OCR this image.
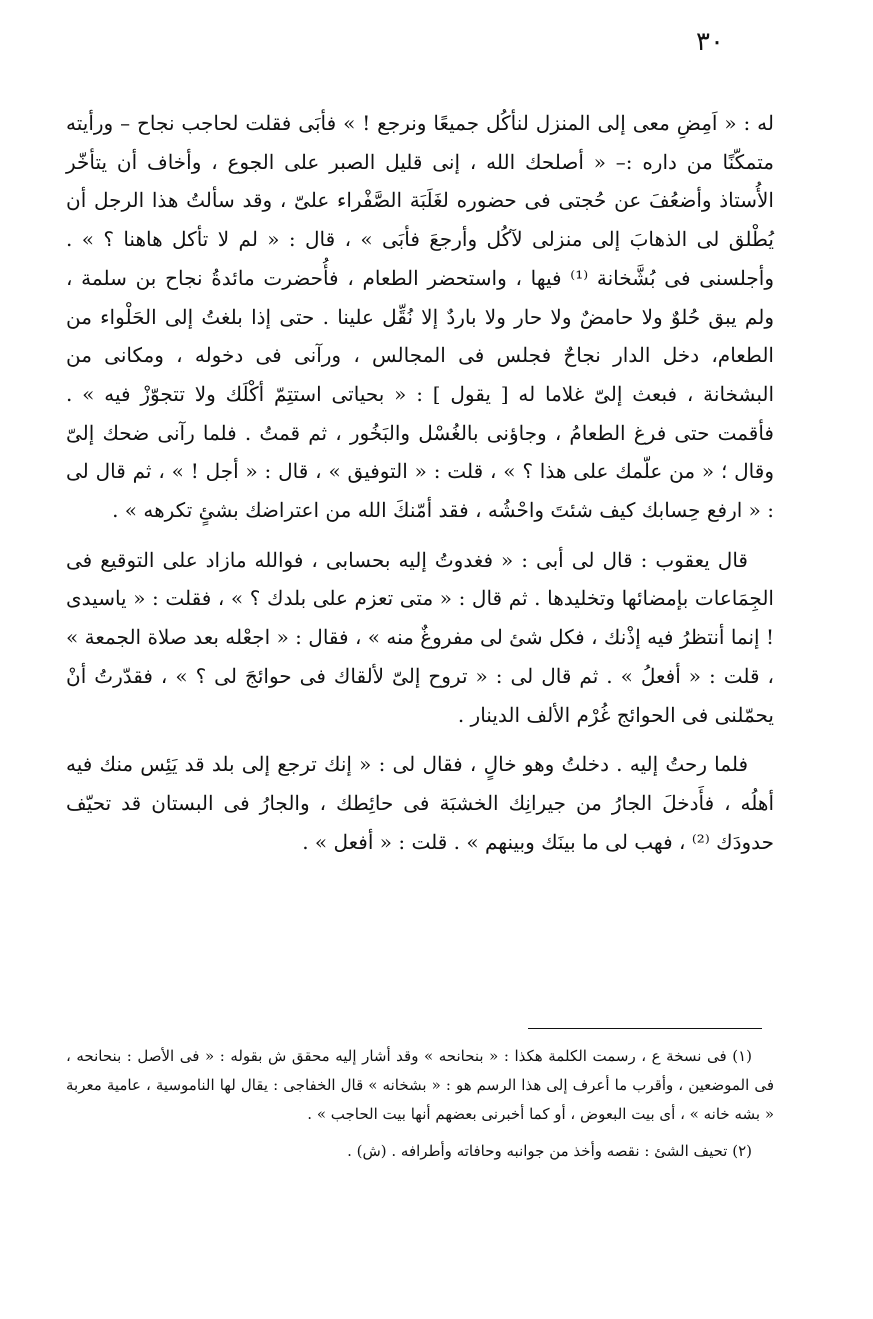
٣٠

له : « اَمِضِ معى إلى المنزل لنأكُل جميعًا ونرجع ! » فأبَى فقلت لحاجب نجاح – ورأيته متمكّنًا من داره :– « أصلحك الله ، إنى قليل الصبر على الجوع ، وأخاف أن يتأخّر الأُستاذ وأضعُفَ عن حُجتى فى حضوره لغَلَبَة الصَّفْراء علىّ ، وقد سألتُ هذا الرجل أن يُطْلق لى الذهابَ إلى منزلى لآكُل وأرجعَ فأبَى » ، قال : « لم لا تأكل هاهنا ؟ » . وأجلسنى فى بُشَّخانة ⁽¹⁾ فيها ، واستحضر الطعام ، فأُحضرت مائدةُ نجاح بن سلمة ، ولم يبق حُلوٌ ولا حامضٌ ولا حار ولا باردٌ إلا نُقِّل علينا . حتى إذا بلغتُ إلى الحَلْواء من الطعام، دخل الدار نجاحٌ فجلس فى المجالس ، ورآنى فى دخوله ، ومكانى من البشخانة ، فبعث إلىّ غلاما له [ يقول ] : « بحياتى استتِمّ أكْلَك ولا تتجوّزْ فيه » . فأقمت حتى فرغ الطعامُ ، وجاؤنى بالغُسْل والبَخُور ، ثم قمتُ . فلما رآنى ضحك إلىّ وقال ؛ « من علّمك على هذا ؟ » ، قلت : « التوفيق » ، قال : « أجل ! » ، ثم قال لى : « ارفع حِسابك كيف شئتَ واحْشُه ، فقد أمّنكَ الله من اعتراضك بشئٍ تكرهه » .

قال يعقوب : قال لى أبى : « فغدوتُ إليه بحسابى ، فوالله مازاد على التوقيع فى الجِمَاعات بإمضائها وتخليدها . ثم قال : « متى تعزم على بلدك ؟ » ، فقلت : « ياسيدى ! إنما أنتظرُ فيه إذْنك ، فكل شئ لى مفروغٌ منه » ، فقال : « اجعْله بعد صلاة الجمعة » ، قلت : « أفعلُ » . ثم قال لى : « تروح إلىّ لألقاك فى حوائجَ لى ؟ » ، فقدّرتُ أنْ يحمّلنى فى الحوائج غُرْم الألف الدينار .

فلما رحتُ إليه . دخلتُ وهو خالٍ ، فقال لى : « إنك ترجع إلى بلد قد يَئِس منك فيه أهلُه ، فأَدخلَ الجارُ من جيرانِك الخشبَة فى حائِطك ، والجارُ فى البستان قد تحيّف حدودَك ⁽²⁾ ، فهب لى ما بينَك وبينهم » . قلت : « أفعل » .

(١) فى نسخة ع ، رسمت الكلمة هكذا : « بنحانحه » وقد أشار إليه محقق ش بقوله : « فى الأصل : بنحانحه ، فى الموضعين ، وأقرب ما أعرف إلى هذا الرسم هو : « بشخانه » قال الخفاجى : يقال لها الناموسية ، عامية معربة « بشه خانه » ، أى بيت البعوض ، أو كما أخبرنى بعضهم أنها بيت الحاجب » .

(٢) تحيف الشئ : نقصه وأخذ من جوانبه وحافاته وأطرافه . (ش) .
